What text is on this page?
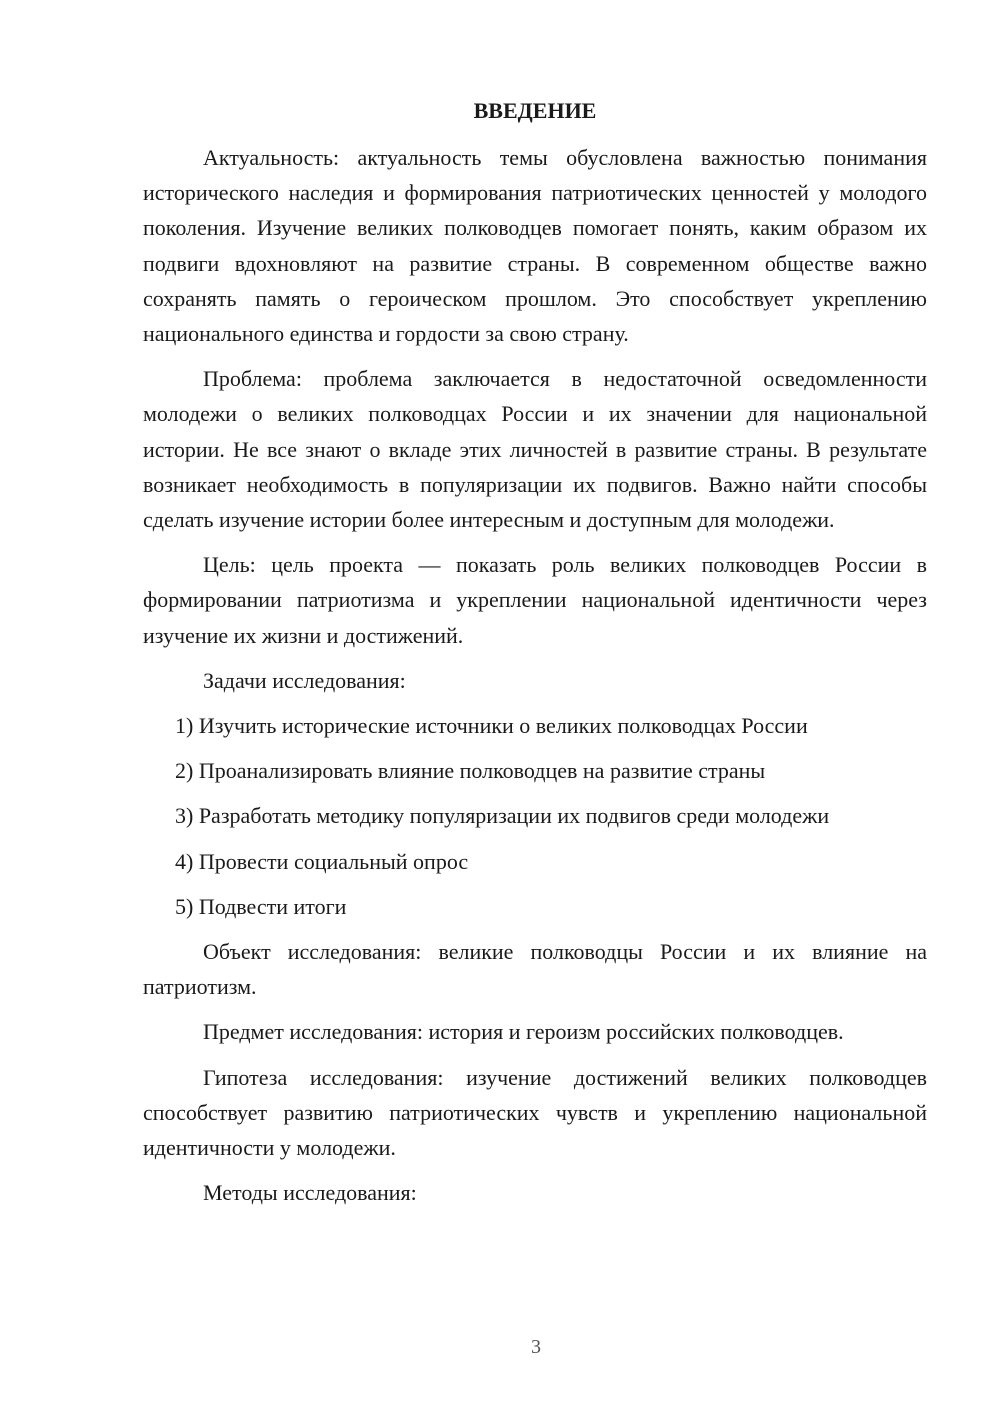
ВВЕДЕНИЕ

Актуальность: актуальность темы обусловлена важностью понимания исторического наследия и формирования патриотических ценностей у молодого поколения. Изучение великих полководцев помогает понять, каким образом их подвиги вдохновляют на развитие страны. В современном обществе важно сохранять память о героическом прошлом. Это способствует укреплению национального единства и гордости за свою страну.

Проблема: проблема заключается в недостаточной осведомленности молодежи о великих полководцах России и их значении для национальной истории. Не все знают о вкладе этих личностей в развитие страны. В результате возникает необходимость в популяризации их подвигов. Важно найти способы сделать изучение истории более интересным и доступным для молодежи.

Цель: цель проекта — показать роль великих полководцев России в формировании патриотизма и укреплении национальной идентичности через изучение их жизни и достижений.

Задачи исследования:

1) Изучить исторические источники о великих полководцах России

2) Проанализировать влияние полководцев на развитие страны

3) Разработать методику популяризации их подвигов среди молодежи

4) Провести социальный опрос

5) Подвести итоги

Объект исследования: великие полководцы России и их влияние на патриотизм.

Предмет исследования: история и героизм российских полководцев.

Гипотеза исследования: изучение достижений великих полководцев способствует развитию патриотических чувств и укреплению национальной идентичности у молодежи.

Методы исследования:

3
